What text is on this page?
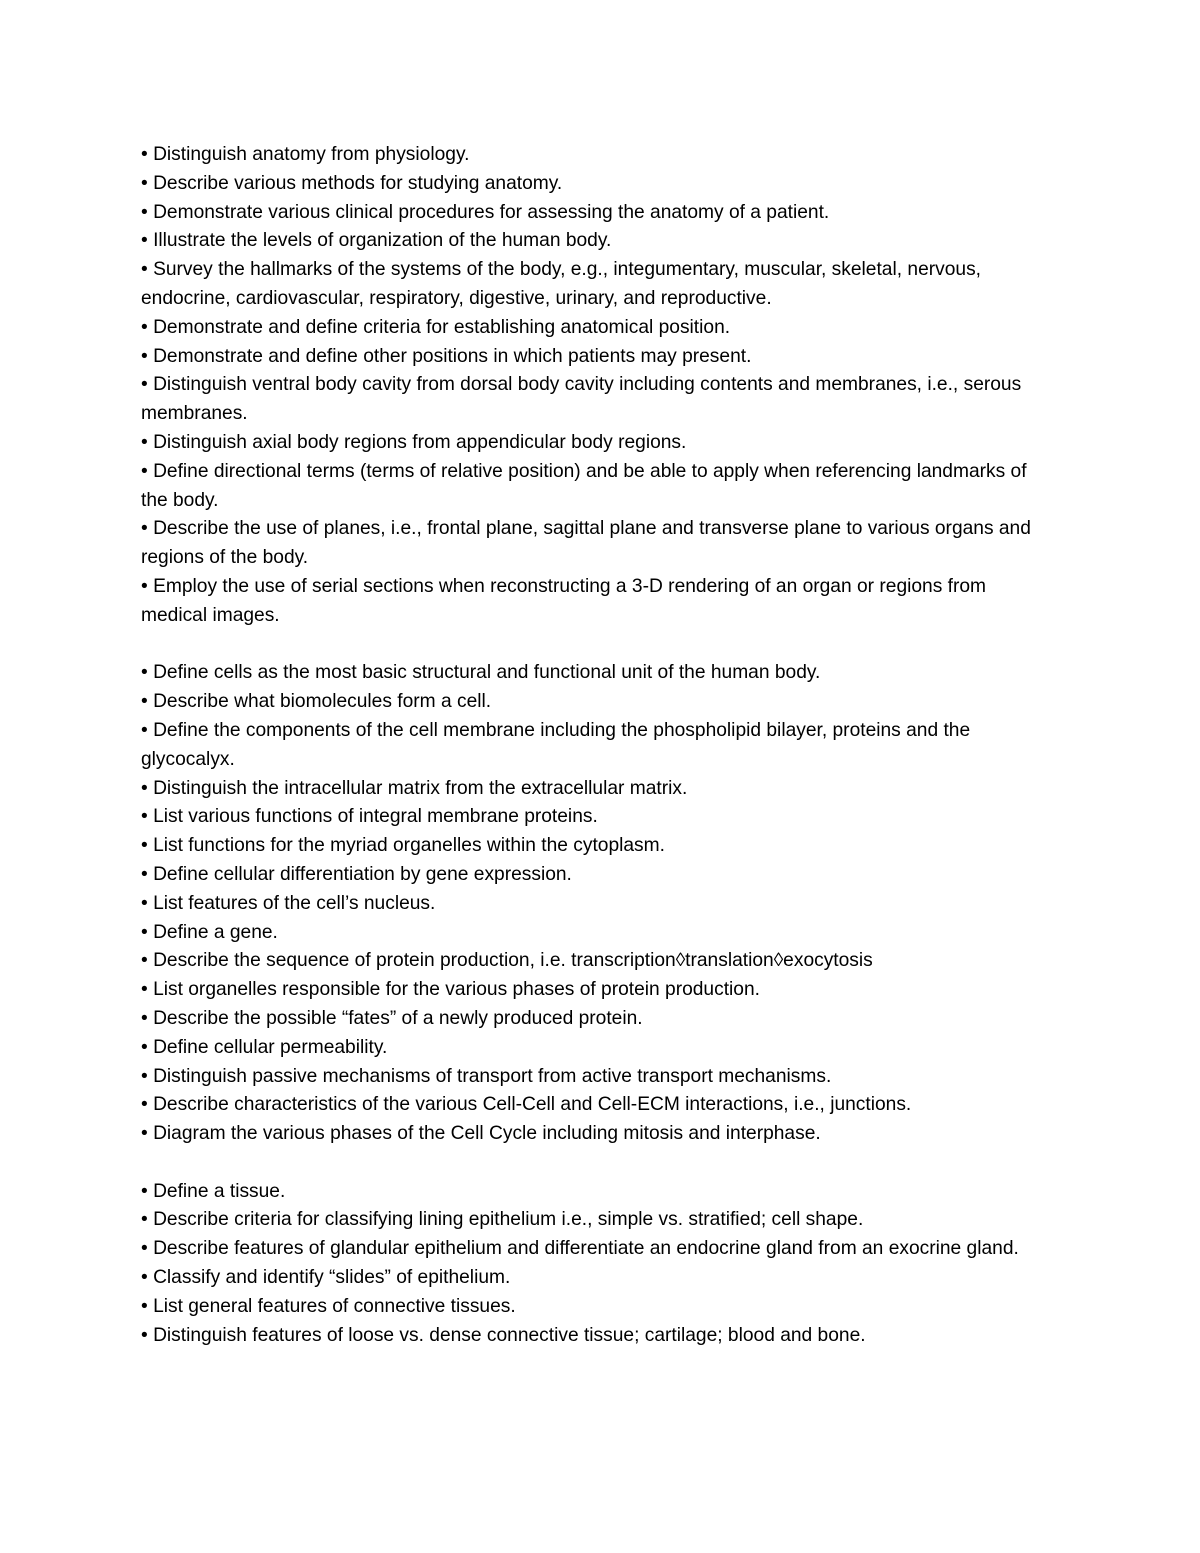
• Distinguish anatomy from physiology.

• Describe various methods for studying anatomy.

• Demonstrate various clinical procedures for assessing the anatomy of a patient.

• Illustrate the levels of organization of the human body.

• Survey the hallmarks of the systems of the body, e.g., integumentary, muscular, skeletal, nervous, endocrine, cardiovascular, respiratory, digestive, urinary, and reproductive.

• Demonstrate and define criteria for establishing anatomical position.

• Demonstrate and define other positions in which patients may present.

• Distinguish ventral body cavity from dorsal body cavity including contents and membranes, i.e., serous membranes.

• Distinguish axial body regions from appendicular body regions.

• Define directional terms (terms of relative position) and be able to apply when referencing landmarks of the body.

• Describe the use of planes, i.e., frontal plane, sagittal plane and transverse plane to various organs and regions of the body.

• Employ the use of serial sections when reconstructing a 3-D rendering of an organ or regions from medical images.

• Define cells as the most basic structural and functional unit of the human body.

• Describe what biomolecules form a cell.

• Define the components of the cell membrane including the phospholipid bilayer, proteins and the glycocalyx.

• Distinguish the intracellular matrix from the extracellular matrix.

• List various functions of integral membrane proteins.

• List functions for the myriad organelles within the cytoplasm.

• Define cellular differentiation by gene expression.

• List features of the cell’s nucleus.

• Define a gene.

• Describe the sequence of protein production, i.e. transcription◊translation◊exocytosis

• List organelles responsible for the various phases of protein production.

• Describe the possible “fates” of a newly produced protein.

• Define cellular permeability.

• Distinguish passive mechanisms of transport from active transport mechanisms.

• Describe characteristics of the various Cell-Cell and Cell-ECM interactions, i.e., junctions.

• Diagram the various phases of the Cell Cycle including mitosis and interphase.

• Define a tissue.

• Describe criteria for classifying lining epithelium i.e., simple vs. stratified; cell shape.

• Describe features of glandular epithelium and differentiate an endocrine gland from an exocrine gland.

• Classify and identify “slides” of epithelium.

• List general features of connective tissues.

• Distinguish features of loose vs. dense connective tissue; cartilage; blood and bone.
